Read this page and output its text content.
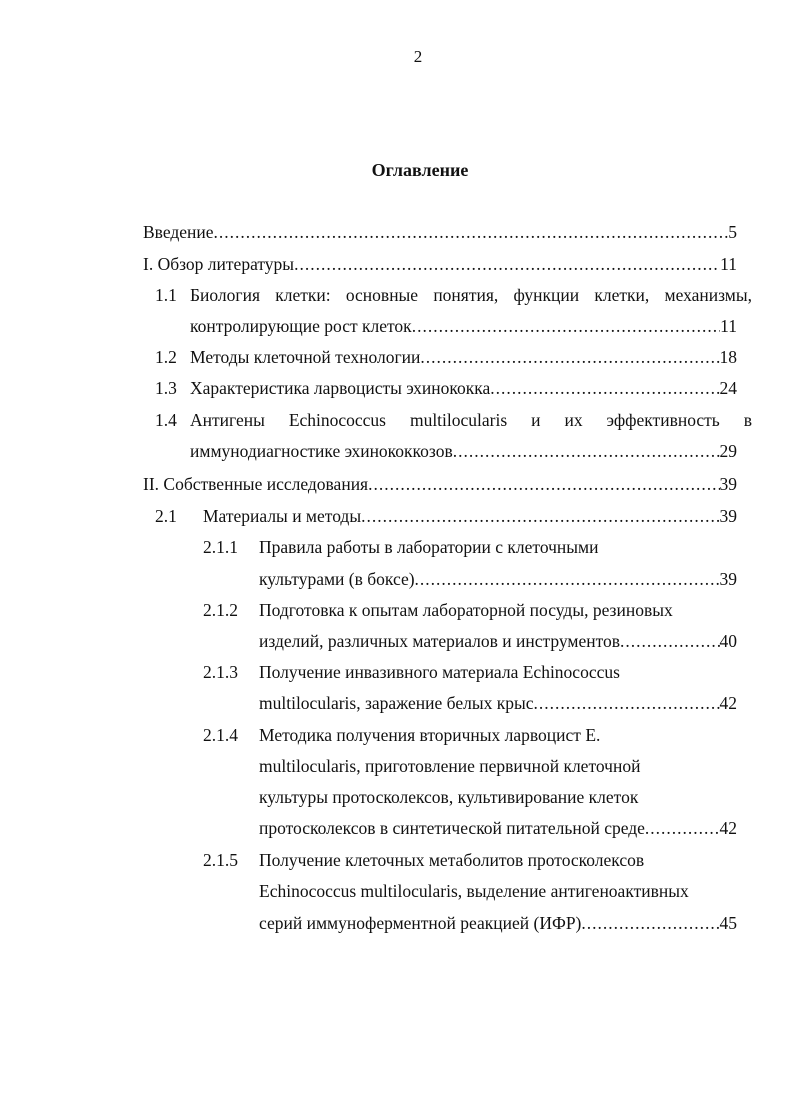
2
Оглавление
Введение .....	5
I. Обзор литературы .....	11
1.1 Биология клетки: основные понятия, функции клетки, механизмы,
контролирующие рост клеток .....	11
1.2 Методы клеточной технологии .....	18
1.3 Характеристика ларвоцисты эхинококка .....	24
1.4 Антигены Echinococcus multilocularis и их эффективность в
иммунодиагностике эхинококкозов .....	29
II. Собственные исследования .....	39
2.1 Материалы и методы .....	39
2.1.1 Правила работы в лаборатории с клеточными
культурами (в боксе) .....	39
2.1.2 Подготовка к опытам лабораторной посуды, резиновых
изделий, различных материалов и инструментов .....	40
2.1.3 Получение инвазивного материала Echinococcus
multilocularis, заражение белых крыс .....	42
2.1.4 Методика получения вторичных ларвоцист E.
multilocularis, приготовление первичной клеточной
культуры протосколексов, культивирование клеток
протосколексов в синтетической питательной среде .....	42
2.1.5 Получение клеточных метаболитов протосколексов
Echinococcus multilocularis, выделение антигеноактивных
серий иммуноферментной реакцией (ИФР) .....	45
